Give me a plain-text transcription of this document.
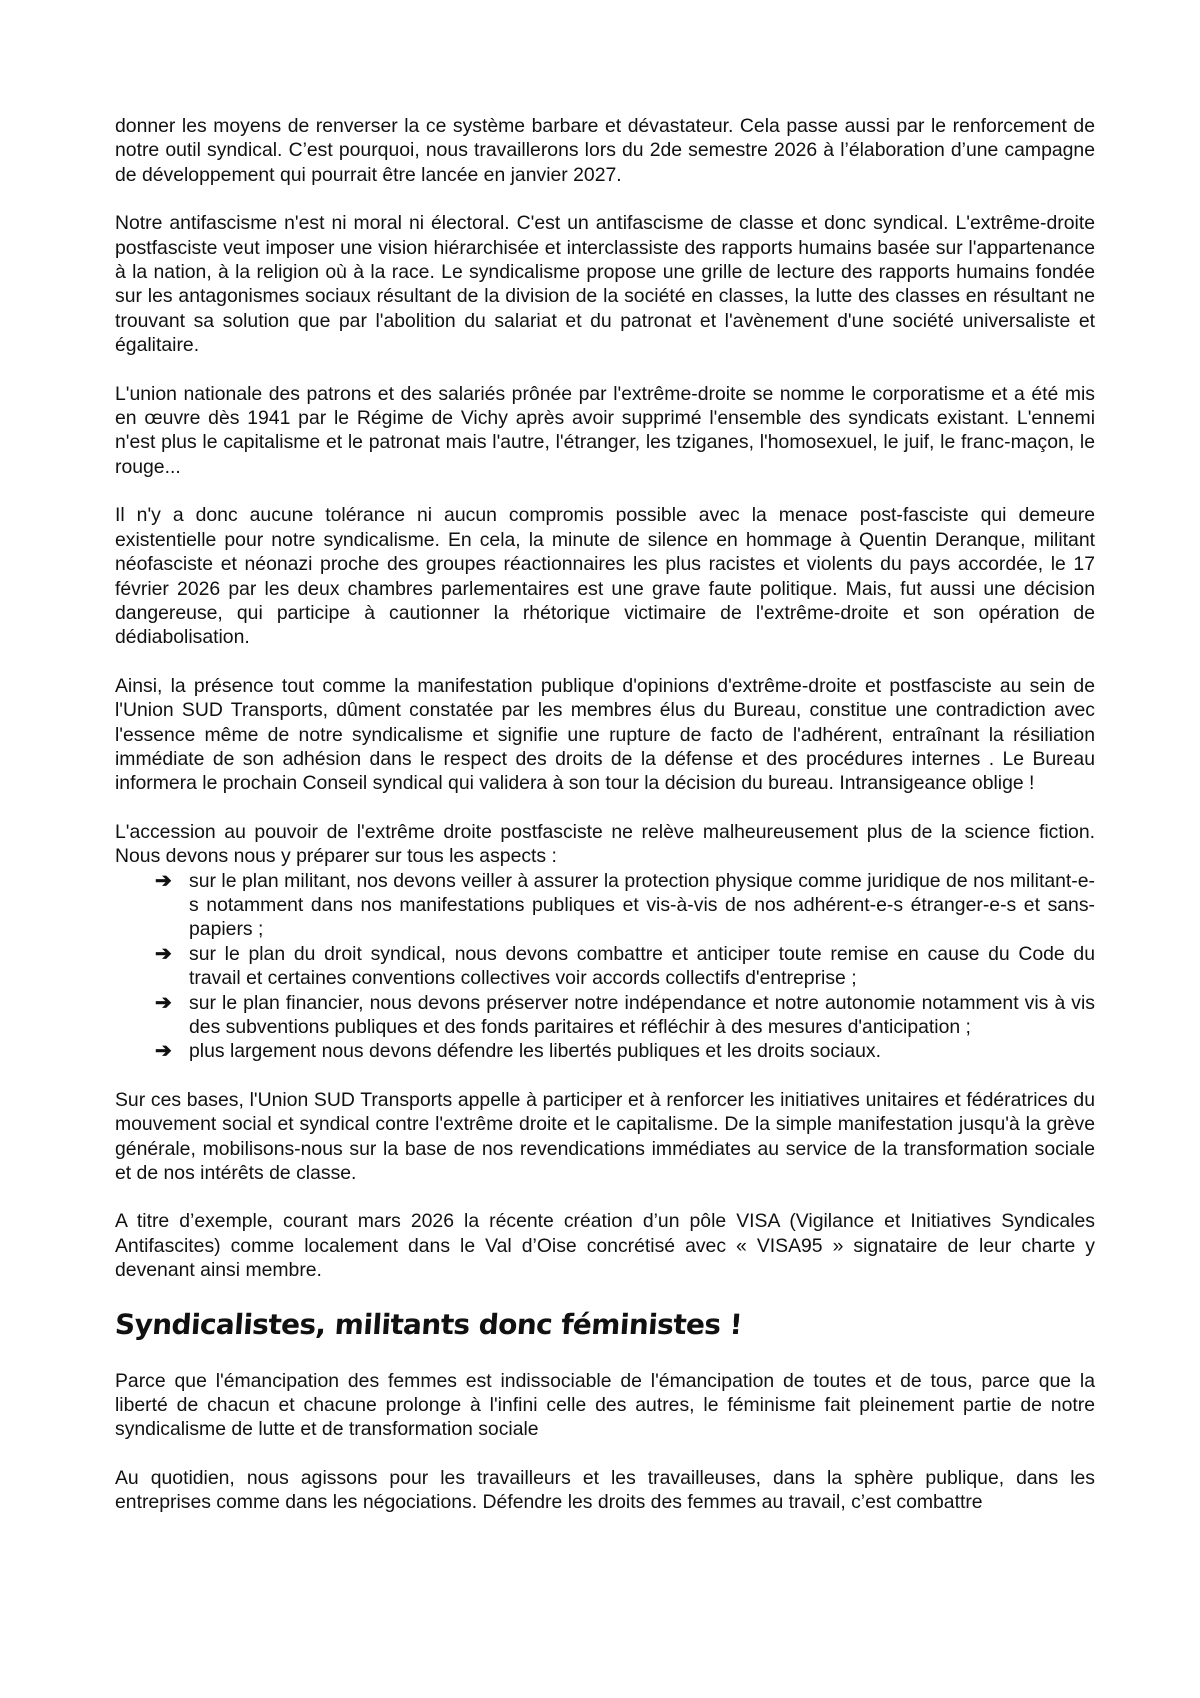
donner les moyens de renverser la ce système barbare et dévastateur. Cela passe aussi par le renforcement de notre outil syndical. C’est pourquoi, nous travaillerons lors du 2de semestre 2026 à l’élaboration d’une campagne de développement qui pourrait être lancée en janvier 2027.

Notre antifascisme n'est ni moral ni électoral. C'est un antifascisme de classe et donc syndical. L'extrême-droite postfasciste veut imposer une vision hiérarchisée et interclassiste des rapports humains basée sur l'appartenance à la nation, à la religion où à la race. Le syndicalisme propose une grille de lecture des rapports humains fondée sur les antagonismes sociaux résultant de la division de la société en classes, la lutte des classes en résultant ne trouvant sa solution que par l'abolition du salariat et du patronat et l'avènement d'une société universaliste et égalitaire.

L'union nationale des patrons et des salariés prônée par l'extrême-droite se nomme le corporatisme et a été mis en œuvre dès 1941 par le Régime de Vichy après avoir supprimé l'ensemble des syndicats existant. L'ennemi n'est plus le capitalisme et le patronat mais l'autre, l'étranger, les tziganes, l'homosexuel, le juif, le franc-maçon, le rouge...

Il n'y a donc aucune tolérance ni aucun compromis possible avec la menace post-fasciste qui demeure existentielle pour notre syndicalisme. En cela, la minute de silence en hommage à Quentin Deranque, militant néofasciste et néonazi proche des groupes réactionnaires les plus racistes et violents du pays accordée, le 17 février 2026 par les deux chambres parlementaires est une grave faute politique. Mais, fut aussi une décision dangereuse, qui participe à cautionner la rhétorique victimaire de l'extrême-droite et son opération de dédiabolisation.

Ainsi, la présence tout comme la manifestation publique d'opinions d'extrême-droite et postfasciste au sein de l'Union SUD Transports, dûment constatée par les membres élus du Bureau, constitue une contradiction avec l'essence même de notre syndicalisme et signifie une rupture de facto de l'adhérent, entraînant la résiliation immédiate de son adhésion dans le respect des droits de la défense et des procédures internes . Le Bureau informera le prochain Conseil syndical qui validera à son tour la décision du bureau. Intransigeance oblige !

L'accession au pouvoir de l'extrême droite postfasciste ne relève malheureusement plus de la science fiction. Nous devons nous y préparer sur tous les aspects :

➔ sur le plan militant, nos devons veiller à assurer la protection physique comme juridique de nos militant-e-s notamment dans nos manifestations publiques et vis-à-vis de nos adhérent-e-s étranger-e-s et sans-papiers ;
➔ sur le plan du droit syndical, nous devons combattre et anticiper toute remise en cause du Code du travail et certaines conventions collectives voir accords collectifs d'entreprise ;
➔ sur le plan financier, nous devons préserver notre indépendance et notre autonomie notamment vis à vis des subventions publiques et des fonds paritaires et réfléchir à des mesures d'anticipation ;
➔ plus largement nous devons défendre les libertés publiques et les droits sociaux.

Sur ces bases, l'Union SUD Transports appelle à participer et à renforcer les initiatives unitaires et fédératrices du mouvement social et syndical contre l'extrême droite et le capitalisme. De la simple manifestation jusqu'à la grève générale, mobilisons-nous sur la base de nos revendications immédiates au service de la transformation sociale et de nos intérêts de classe.

A titre d’exemple, courant mars 2026 la récente création d’un pôle VISA (Vigilance et Initiatives Syndicales Antifascites) comme localement dans le Val d’Oise concrétisé avec « VISA95 » signataire de leur charte y devenant ainsi membre.

Syndicalistes, militants donc féministes !

Parce que l'émancipation des femmes est indissociable de l'émancipation de toutes et de tous, parce que la liberté de chacun et chacune prolonge à l'infini celle des autres, le féminisme fait pleinement partie de notre syndicalisme de lutte et de transformation sociale

Au quotidien, nous agissons pour les travailleurs et les travailleuses, dans la sphère publique, dans les entreprises comme dans les négociations. Défendre les droits des femmes au travail, c’est combattre
